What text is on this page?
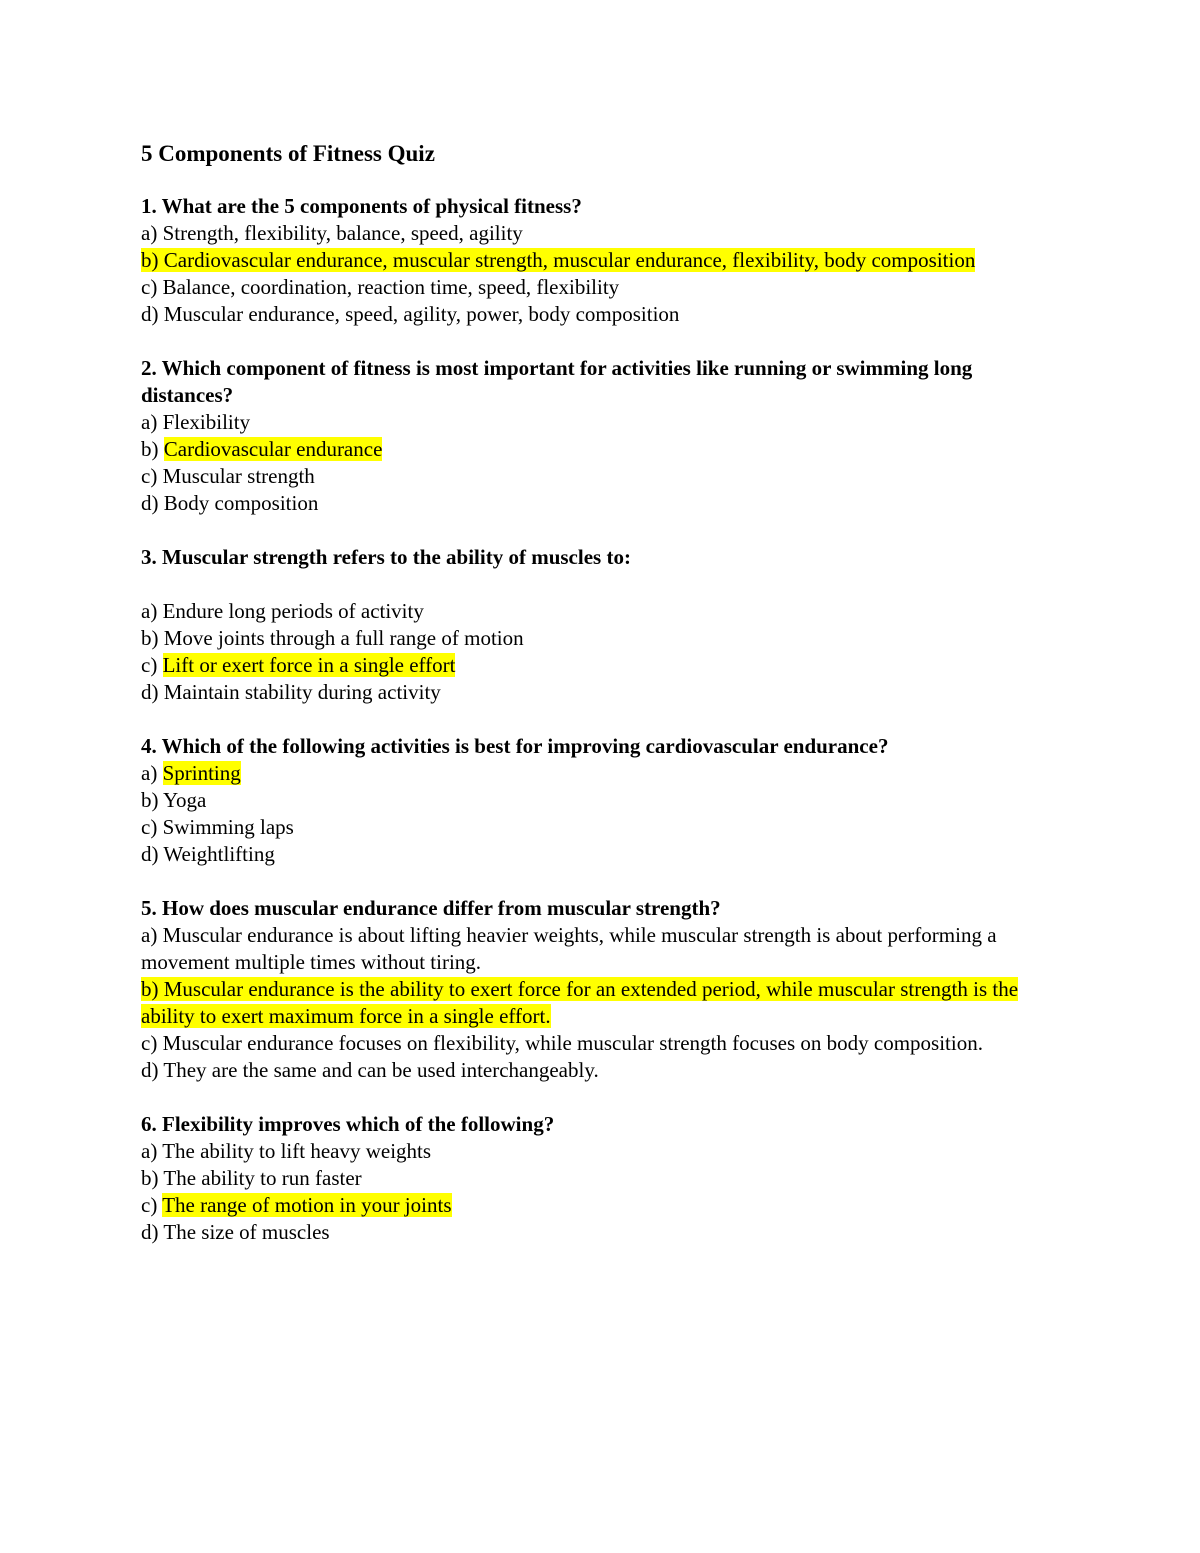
5 Components of Fitness Quiz
1. What are the 5 components of physical fitness?
a) Strength, flexibility, balance, speed, agility
b) Cardiovascular endurance, muscular strength, muscular endurance, flexibility, body composition
c) Balance, coordination, reaction time, speed, flexibility
d) Muscular endurance, speed, agility, power, body composition
2. Which component of fitness is most important for activities like running or swimming long distances?
a) Flexibility
b) Cardiovascular endurance
c) Muscular strength
d) Body composition
3. Muscular strength refers to the ability of muscles to:
a) Endure long periods of activity
b) Move joints through a full range of motion
c) Lift or exert force in a single effort
d) Maintain stability during activity
4. Which of the following activities is best for improving cardiovascular endurance?
a) Sprinting
b) Yoga
c) Swimming laps
d) Weightlifting
5. How does muscular endurance differ from muscular strength?
a) Muscular endurance is about lifting heavier weights, while muscular strength is about performing a movement multiple times without tiring.
b) Muscular endurance is the ability to exert force for an extended period, while muscular strength is the ability to exert maximum force in a single effort.
c) Muscular endurance focuses on flexibility, while muscular strength focuses on body composition.
d) They are the same and can be used interchangeably.
6. Flexibility improves which of the following?
a) The ability to lift heavy weights
b) The ability to run faster
c) The range of motion in your joints
d) The size of muscles
